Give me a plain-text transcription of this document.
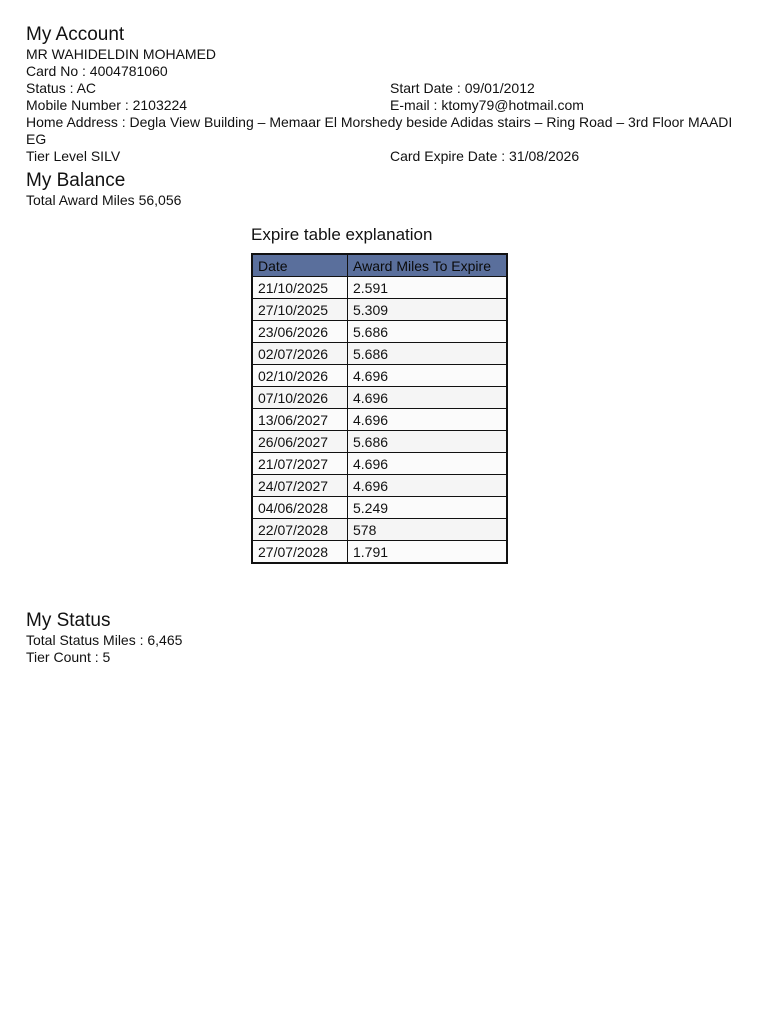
My Account
MR WAHIDELDIN MOHAMED
Card No : 4004781060
Status : AC	Start Date : 09/01/2012
Mobile Number : 2103224	E-mail : ktomy79@hotmail.com
Home Address : Degla View Building – Memaar El Morshedy beside Adidas stairs – Ring Road – 3rd Floor MAADI EG
Tier Level SILV	Card Expire Date : 31/08/2026
My Balance
Total Award Miles 56,056
Expire table explanation
Date	Award Miles To Expire
21/10/2025	2.591
27/10/2025	5.309
23/06/2026	5.686
02/07/2026	5.686
02/10/2026	4.696
07/10/2026	4.696
13/06/2027	4.696
26/06/2027	5.686
21/07/2027	4.696
24/07/2027	4.696
04/06/2028	5.249
22/07/2028	578
27/07/2028	1.791
My Status
Total Status Miles : 6,465
Tier Count : 5
